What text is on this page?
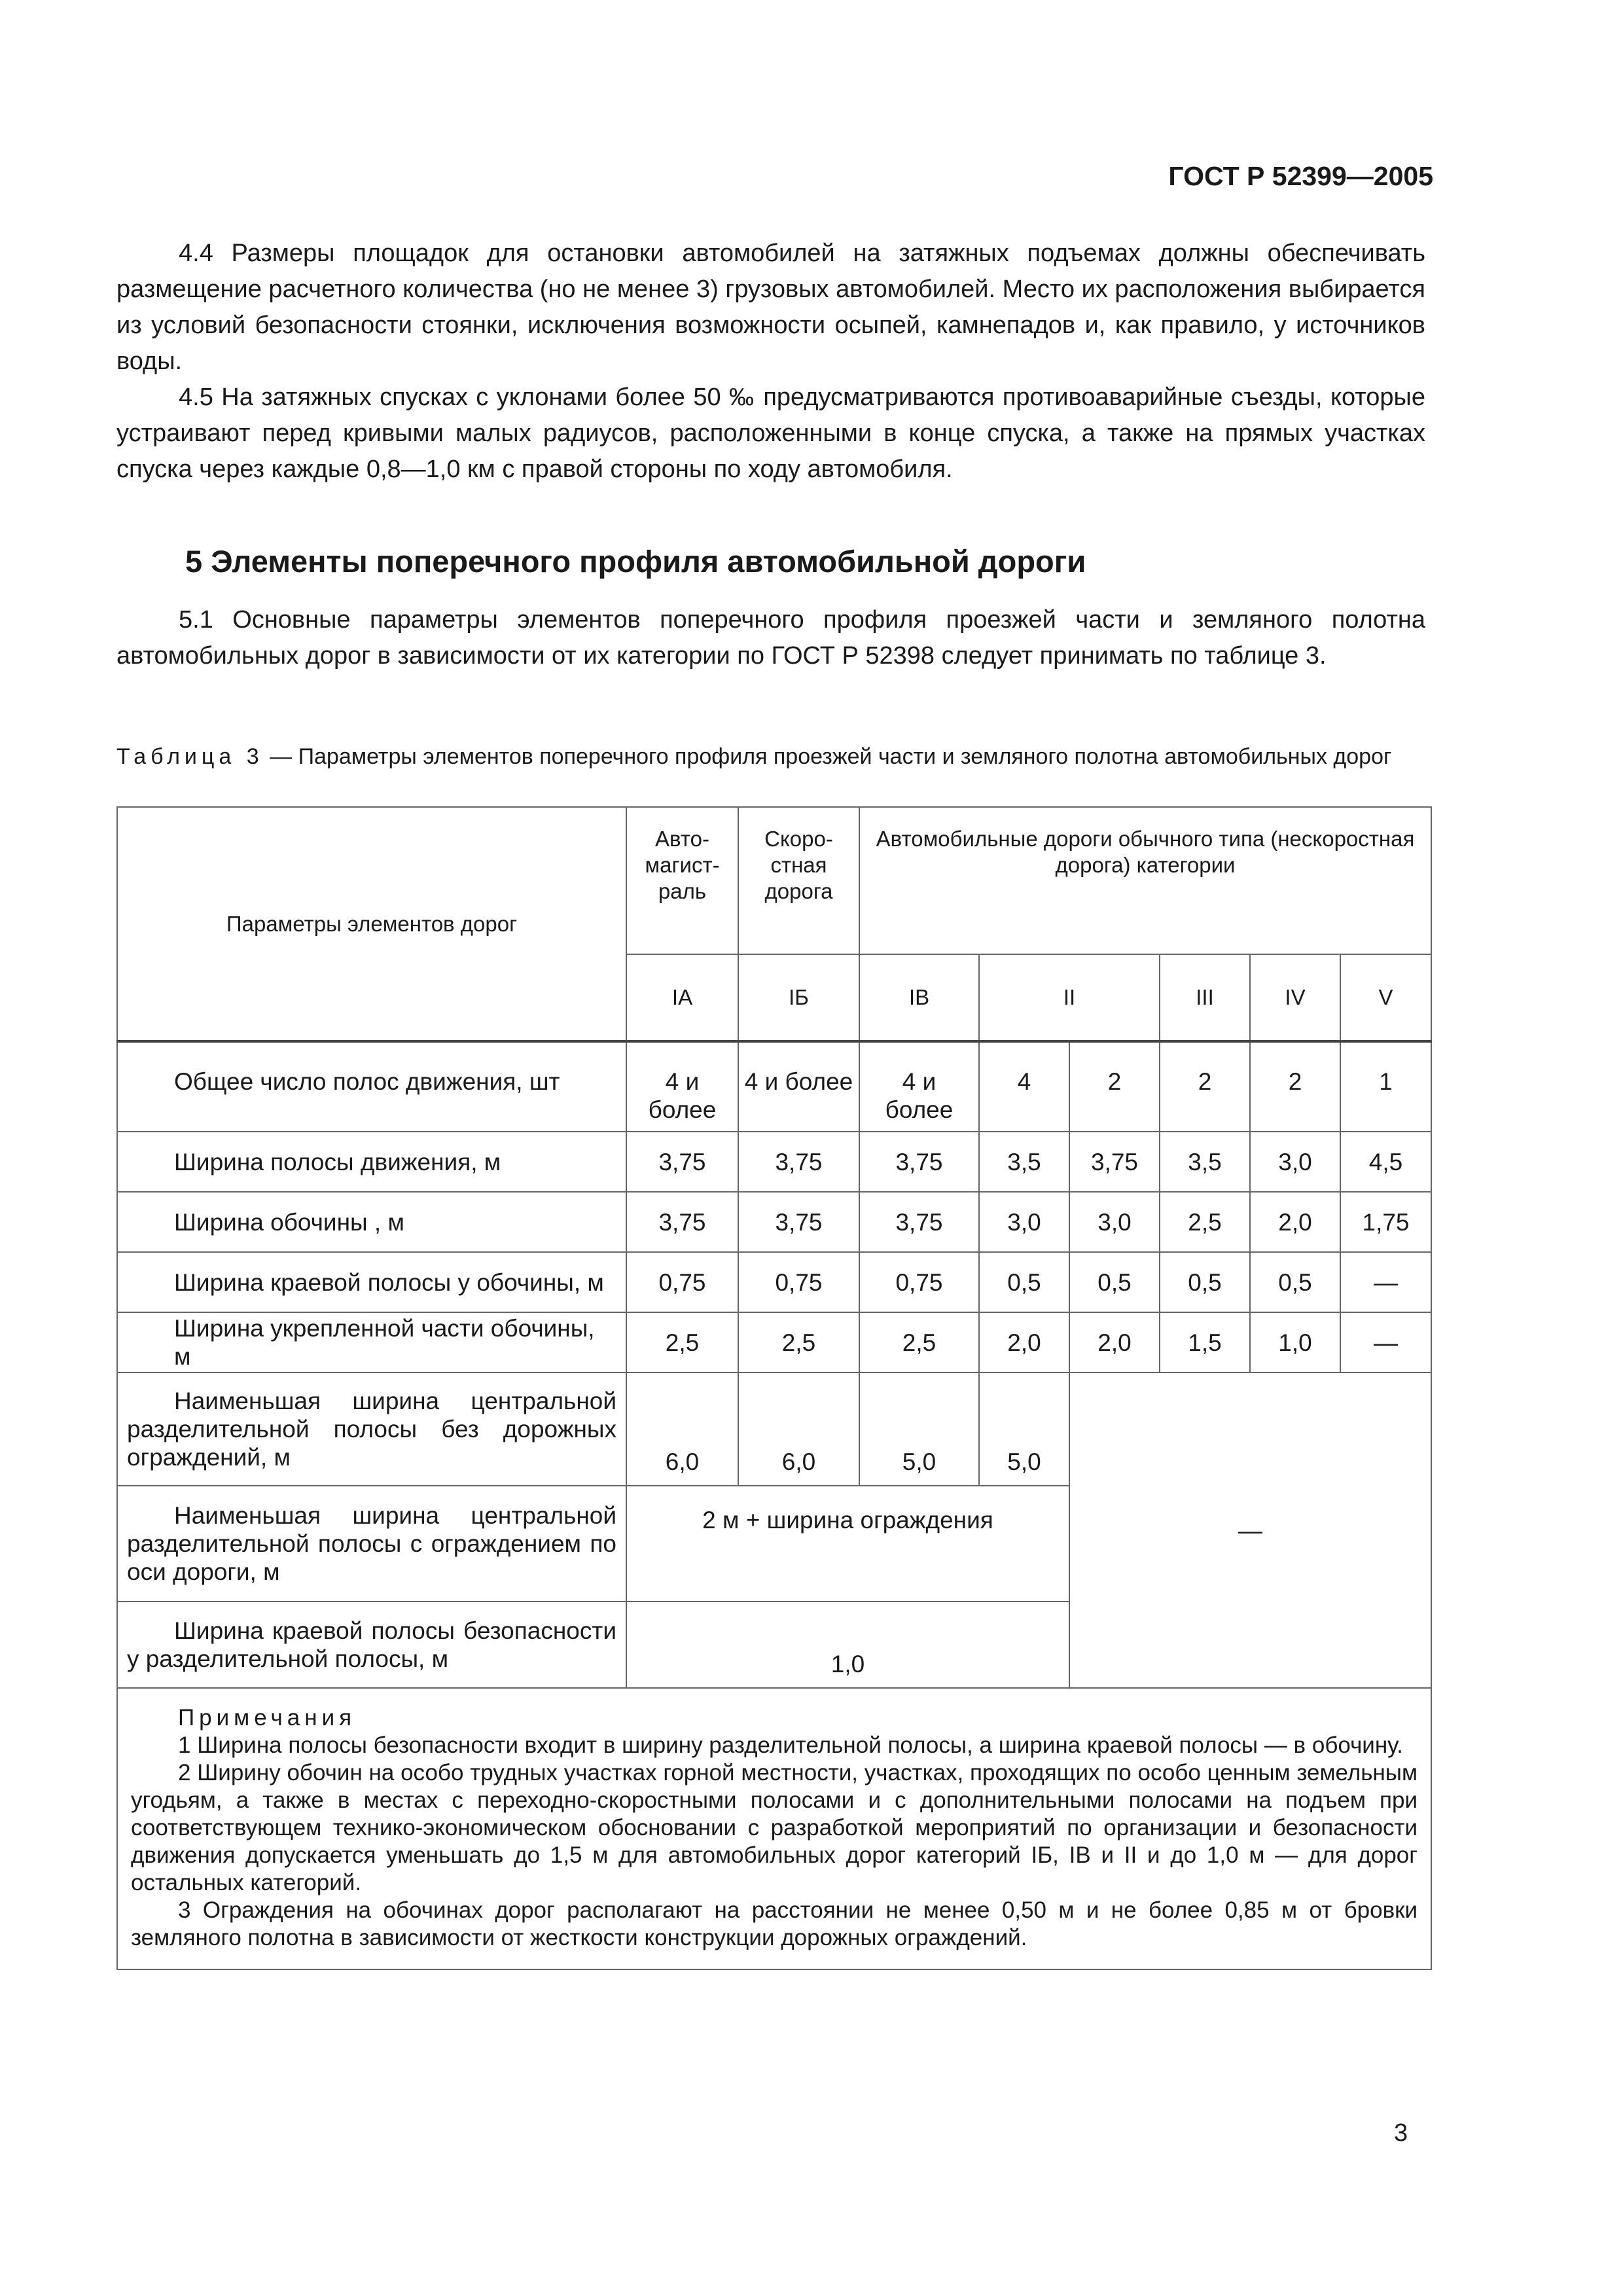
ГОСТ Р 52399—2005

4.4 Размеры площадок для остановки автомобилей на затяжных подъемах должны обеспечивать размещение расчетного количества (но не менее 3) грузовых автомобилей. Место их расположения выбирается из условий безопасности стоянки, исключения возможности осыпей, камнепадов и, как правило, у источников воды.

4.5 На затяжных спусках с уклонами более 50 ‰ предусматриваются противоаварийные съезды, которые устраивают перед кривыми малых радиусов, расположенными в конце спуска, а также на прямых участках спуска через каждые 0,8—1,0 км с правой стороны по ходу автомобиля.

5 Элементы поперечного профиля автомобильной дороги

5.1 Основные параметры элементов поперечного профиля проезжей части и земляного полотна автомобильных дорог в зависимости от их категории по ГОСТ Р 52398 следует принимать по таблице 3.

Таблица 3 — Параметры элементов поперечного профиля проезжей части и земляного полотна автомобильных дорог
Параметры элементов дорог	Авто-магист-раль	Скоро-стная дорога	Автомобильные дороги обычного типа (нескоростная дорога) категории					
	IA	IБ	IВ	II		III	IV	V
Общее число полос движения, шт	4 и более	4 и более	4 и более	4	2	2	2	1
Ширина полосы движения, м	3,75	3,75	3,75	3,5	3,75	3,5	3,0	4,5
Ширина обочины , м	3,75	3,75	3,75	3,0	3,0	2,5	2,0	1,75
Ширина краевой полосы у обочины, м	0,75	0,75	0,75	0,5	0,5	0,5	0,5	—
Ширина укрепленной части обочины, м	2,5	2,5	2,5	2,0	2,0	1,5	1,0	—
Наименьшая ширина центральной разделительной полосы без дорожных ограждений, м	6,0	6,0	5,0	5,0	—			
Наименьшая ширина центральной разделительной полосы с ограждением по оси дороги, м	2 м + ширина ограждения							
Ширина краевой полосы безопасности у разделительной полосы, м	1,0							

Примечания
1 Ширина полосы безопасности входит в ширину разделительной полосы, а ширина краевой полосы — в обочину.
2 Ширину обочин на особо трудных участках горной местности, участках, проходящих по особо ценным земельным угодьям, а также в местах с переходно-скоростными полосами и с дополнительными полосами на подъем при соответствующем технико-экономическом обосновании с разработкой мероприятий по организации и безопасности движения допускается уменьшать до 1,5 м для автомобильных дорог категорий IБ, IВ и II и до 1,0 м — для дорог остальных категорий.
3 Ограждения на обочинах дорог располагают на расстоянии не менее 0,50 м и не более 0,85 м от бровки земляного полотна в зависимости от жесткости конструкции дорожных ограждений.								
3
